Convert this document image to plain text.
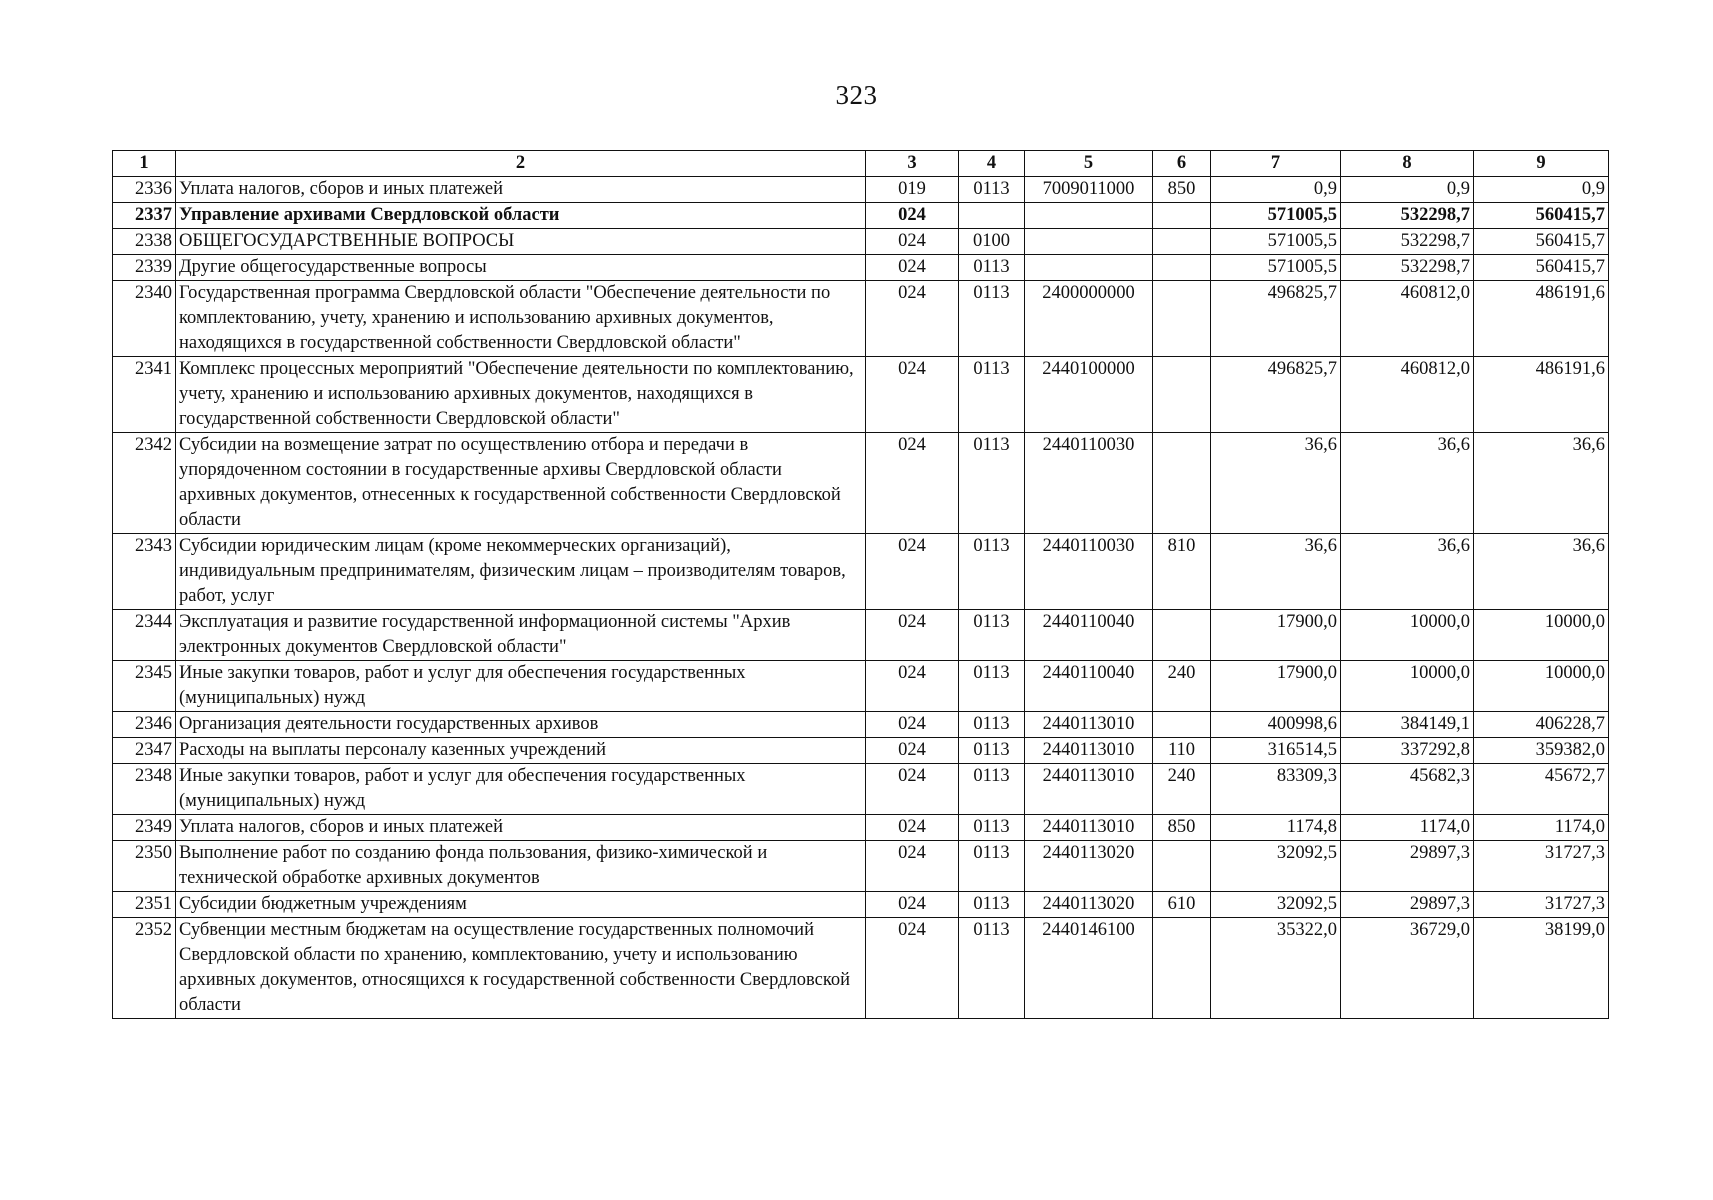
323
1	2	3	4	5	6	7	8	9
2336	Уплата налогов, сборов и иных платежей	019	0113	7009011000	850	0,9	0,9	0,9
2337	Управление архивами Свердловской области	024				571005,5	532298,7	560415,7
2338	ОБЩЕГОСУДАРСТВЕННЫЕ ВОПРОСЫ	024	0100			571005,5	532298,7	560415,7
2339	Другие общегосударственные вопросы	024	0113			571005,5	532298,7	560415,7
2340	Государственная программа Свердловской области "Обеспечение деятельности по комплектованию, учету, хранению и использованию архивных документов, находящихся в государственной собственности Свердловской области"	024	0113	2400000000		496825,7	460812,0	486191,6
2341	Комплекс процессных мероприятий "Обеспечение деятельности по комплектованию, учету, хранению и использованию архивных документов, находящихся в государственной собственности Свердловской области"	024	0113	2440100000		496825,7	460812,0	486191,6
2342	Субсидии на возмещение затрат по осуществлению отбора и передачи в упорядоченном состоянии в государственные архивы Свердловской области архивных документов, отнесенных к государственной собственности Свердловской области	024	0113	2440110030		36,6	36,6	36,6
2343	Субсидии юридическим лицам (кроме некоммерческих организаций), индивидуальным предпринимателям, физическим лицам – производителям товаров, работ, услуг	024	0113	2440110030	810	36,6	36,6	36,6
2344	Эксплуатация и развитие государственной информационной системы "Архив электронных документов Свердловской области"	024	0113	2440110040		17900,0	10000,0	10000,0
2345	Иные закупки товаров, работ и услуг для обеспечения государственных (муниципальных) нужд	024	0113	2440110040	240	17900,0	10000,0	10000,0
2346	Организация деятельности государственных архивов	024	0113	2440113010		400998,6	384149,1	406228,7
2347	Расходы на выплаты персоналу казенных учреждений	024	0113	2440113010	110	316514,5	337292,8	359382,0
2348	Иные закупки товаров, работ и услуг для обеспечения государственных (муниципальных) нужд	024	0113	2440113010	240	83309,3	45682,3	45672,7
2349	Уплата налогов, сборов и иных платежей	024	0113	2440113010	850	1174,8	1174,0	1174,0
2350	Выполнение работ по созданию фонда пользования, физико-химической и технической обработке архивных документов	024	0113	2440113020		32092,5	29897,3	31727,3
2351	Субсидии бюджетным учреждениям	024	0113	2440113020	610	32092,5	29897,3	31727,3
2352	Субвенции местным бюджетам на осуществление государственных полномочий Свердловской области по хранению, комплектованию, учету и использованию архивных документов, относящихся к государственной собственности Свердловской области	024	0113	2440146100		35322,0	36729,0	38199,0
